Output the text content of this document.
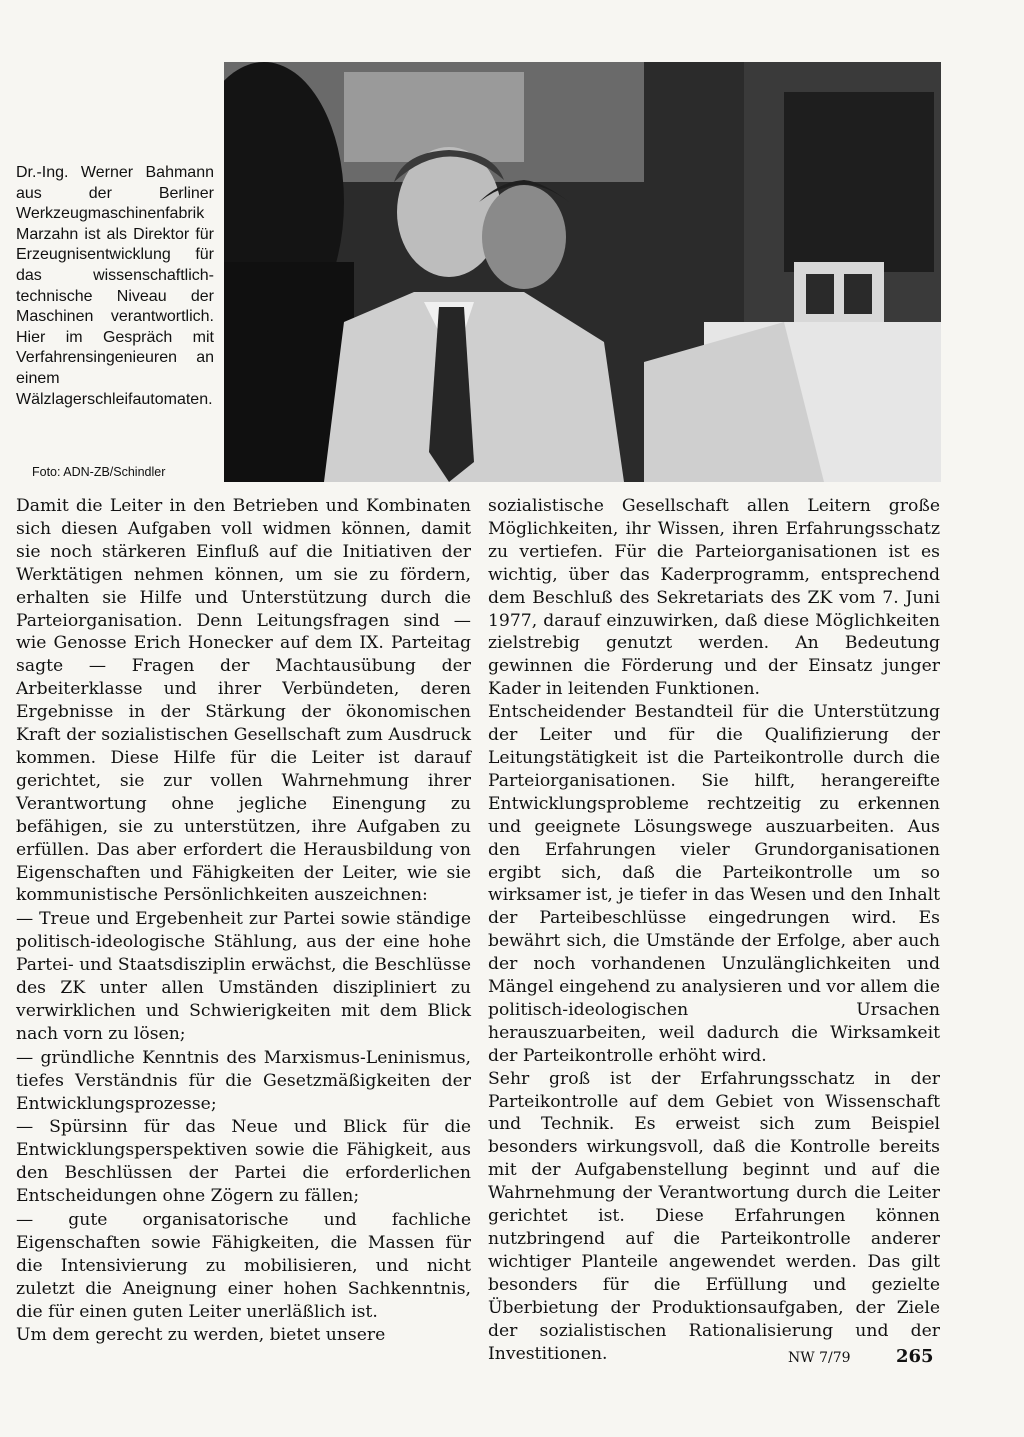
Dr.-Ing. Werner Bahmann aus der Berliner Werkzeugmaschinenfabrik Marzahn ist als Direktor für Erzeugnisentwicklung für das wissenschaftlich-technische Niveau der Maschinen verantwortlich. Hier im Gespräch mit Verfahrensingenieuren an einem Wälzlagerschleifautomaten.

Foto: ADN-ZB/Schindler

Damit die Leiter in den Betrieben und Kombinaten sich diesen Aufgaben voll widmen können, damit sie noch stärkeren Einfluß auf die Initiativen der Werktätigen nehmen können, um sie zu fördern, erhalten sie Hilfe und Unterstützung durch die Parteiorganisation. Denn Leitungsfragen sind — wie Genosse Erich Honecker auf dem IX. Parteitag sagte — Fragen der Machtausübung der Arbeiterklasse und ihrer Verbündeten, deren Ergebnisse in der Stärkung der ökonomischen Kraft der sozialistischen Gesellschaft zum Ausdruck kommen. Diese Hilfe für die Leiter ist darauf gerichtet, sie zur vollen Wahrnehmung ihrer Verantwortung ohne jegliche Einengung zu befähigen, sie zu unterstützen, ihre Aufgaben zu erfüllen. Das aber erfordert die Herausbildung von Eigenschaften und Fähigkeiten der Leiter, wie sie kommunistische Persönlichkeiten auszeichnen:

— Treue und Ergebenheit zur Partei sowie ständige politisch-ideologische Stählung, aus der eine hohe Partei- und Staatsdisziplin erwächst, die Beschlüsse des ZK unter allen Umständen diszipliniert zu verwirklichen und Schwierigkeiten mit dem Blick nach vorn zu lösen;

— gründliche Kenntnis des Marxismus-Leninismus, tiefes Verständnis für die Gesetzmäßigkeiten der Entwicklungsprozesse;

— Spürsinn für das Neue und Blick für die Entwicklungsperspektiven sowie die Fähigkeit, aus den Beschlüssen der Partei die erforderlichen Entscheidungen ohne Zögern zu fällen;

— gute organisatorische und fachliche Eigenschaften sowie Fähigkeiten, die Massen für die Intensivierung zu mobilisieren, und nicht zuletzt die Aneignung einer hohen Sachkenntnis, die für einen guten Leiter unerläßlich ist.

Um dem gerecht zu werden, bietet unsere

sozialistische Gesellschaft allen Leitern große Möglichkeiten, ihr Wissen, ihren Erfahrungsschatz zu vertiefen. Für die Parteiorganisationen ist es wichtig, über das Kaderprogramm, entsprechend dem Beschluß des Sekretariats des ZK vom 7. Juni 1977, darauf einzuwirken, daß diese Möglichkeiten zielstrebig genutzt werden. An Bedeutung gewinnen die Förderung und der Einsatz junger Kader in leitenden Funktionen.

Entscheidender Bestandteil für die Unterstützung der Leiter und für die Qualifizierung der Leitungstätigkeit ist die Parteikontrolle durch die Parteiorganisationen. Sie hilft, herangereifte Entwicklungsprobleme rechtzeitig zu erkennen und geeignete Lösungswege auszuarbeiten. Aus den Erfahrungen vieler Grundorganisationen ergibt sich, daß die Parteikontrolle um so wirksamer ist, je tiefer in das Wesen und den Inhalt der Parteibeschlüsse eingedrungen wird. Es bewährt sich, die Umstände der Erfolge, aber auch der noch vorhandenen Unzulänglichkeiten und Mängel eingehend zu analysieren und vor allem die politisch-ideologischen Ursachen herauszuarbeiten, weil dadurch die Wirksamkeit der Parteikontrolle erhöht wird.

Sehr groß ist der Erfahrungsschatz in der Parteikontrolle auf dem Gebiet von Wissenschaft und Technik. Es erweist sich zum Beispiel besonders wirkungsvoll, daß die Kontrolle bereits mit der Aufgabenstellung beginnt und auf die Wahrnehmung der Verantwortung durch die Leiter gerichtet ist. Diese Erfahrungen können nutzbringend auf die Parteikontrolle anderer wichtiger Planteile angewendet werden. Das gilt besonders für die Erfüllung und gezielte Überbietung der Produktionsaufgaben, der Ziele der sozialistischen Rationalisierung und der Investitionen.	NW 7/79	265
